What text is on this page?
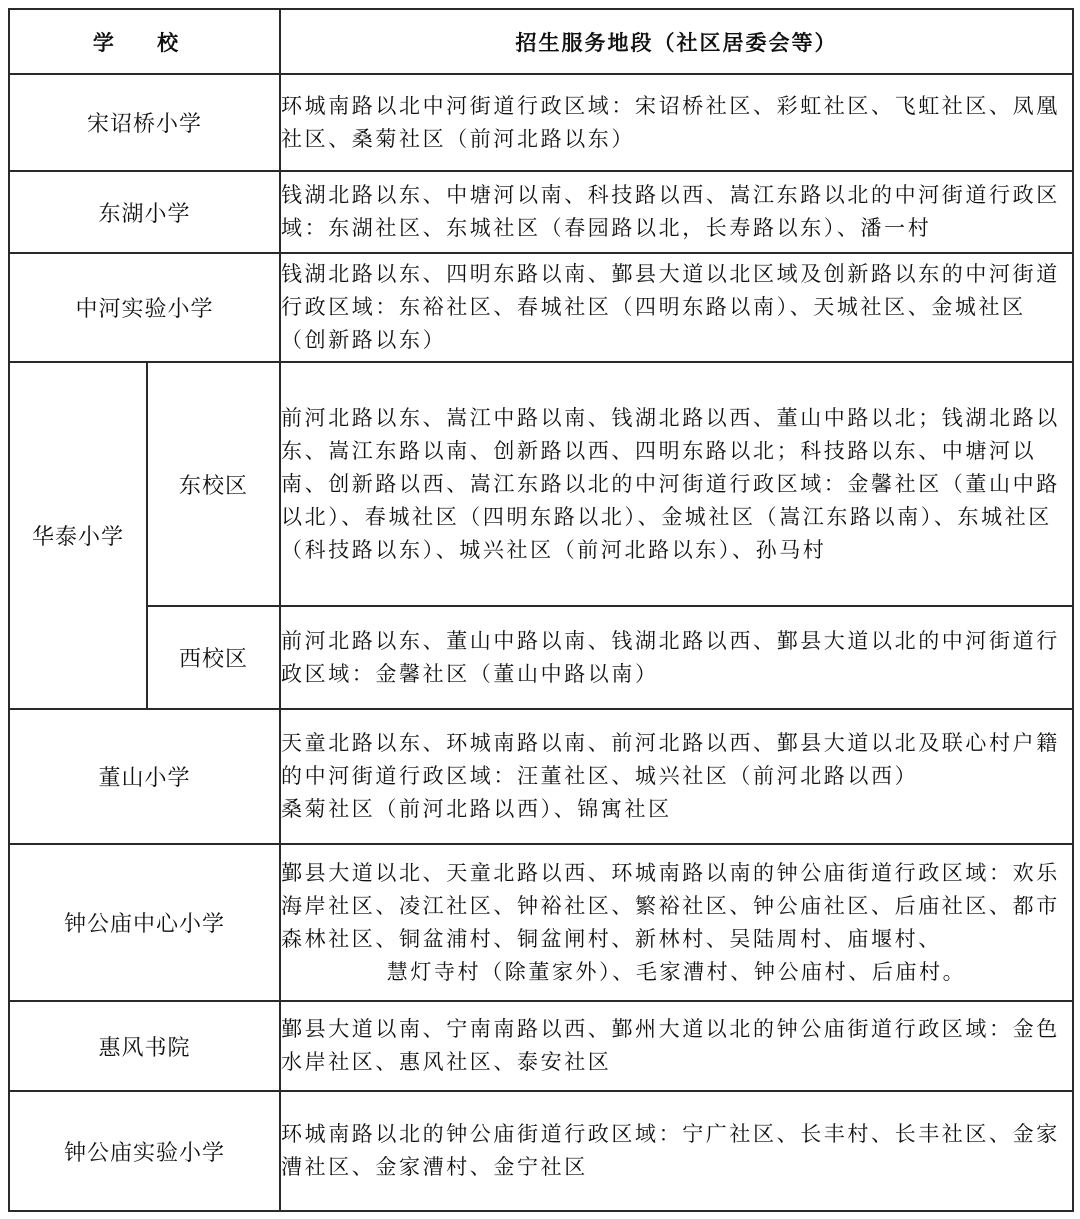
学 校		招生服务地段（社区居委会等）
宋诏桥小学		环城南路以北中河街道行政区域：宋诏桥社区、彩虹社区、飞虹社区、凤凰社区、桑菊社区（前河北路以东）
东湖小学		钱湖北路以东、中塘河以南、科技路以西、嵩江东路以北的中河街道行政区域：东湖社区、东城社区（春园路以北，长寿路以东）、潘一村
中河实验小学		钱湖北路以东、四明东路以南、鄞县大道以北区域及创新路以东的中河街道行政区域：东裕社区、春城社区（四明东路以南）、天城社区、金城社区（创新路以东）
华泰小学	东校区	前河北路以东、嵩江中路以南、钱湖北路以西、董山中路以北；钱湖北路以东、嵩江东路以南、创新路以西、四明东路以北；科技路以东、中塘河以南、创新路以西、嵩江东路以北的中河街道行政区域：金馨社区（董山中路以北）、春城社区（四明东路以北）、金城社区（嵩江东路以南）、东城社区（科技路以东）、城兴社区（前河北路以东）、孙马村
	西校区	前河北路以东、董山中路以南、钱湖北路以西、鄞县大道以北的中河街道行政区域：金馨社区（董山中路以南）
董山小学		天童北路以东、环城南路以南、前河北路以西、鄞县大道以北及联心村户籍的中河街道行政区域：汪董社区、城兴社区（前河北路以西）
桑菊社区（前河北路以西）、锦寓社区
钟公庙中心小学		鄞县大道以北、天童北路以西、环城南路以南的钟公庙街道行政区域：欢乐海岸社区、凌江社区、钟裕社区、繁裕社区、钟公庙社区、后庙社区、都市森林社区、铜盆浦村、铜盆闸村、新林村、吴陆周村、庙堰村、
慧灯寺村（除董家外）、毛家漕村、钟公庙村、后庙村。

惠风书院		鄞县大道以南、宁南南路以西、鄞州大道以北的钟公庙街道行政区域：金色水岸社区、惠风社区、泰安社区
钟公庙实验小学		环城南路以北的钟公庙街道行政区域：宁广社区、长丰村、长丰社区、金家漕社区、金家漕村、金宁社区
